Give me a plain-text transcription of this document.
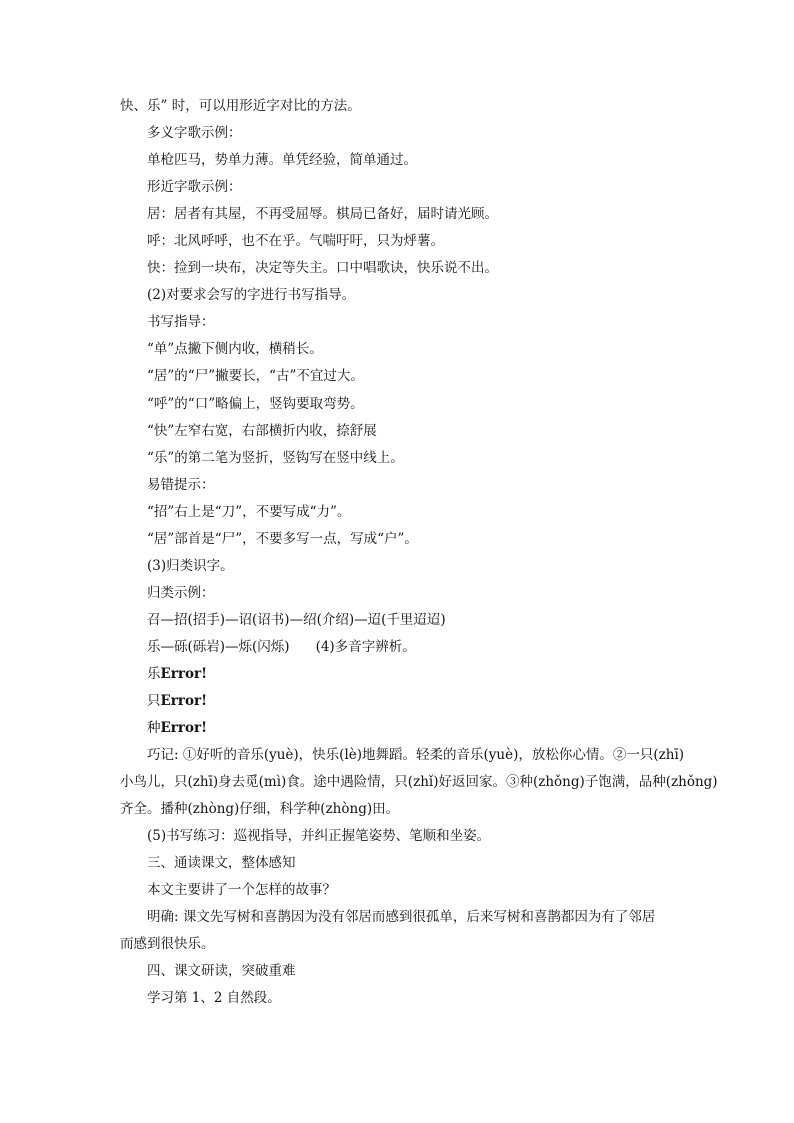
快、乐” 时，可以用形近字对比的方法。
多义字歌示例：
单枪匹马，势单力薄。单凭经验，简单通过。
形近字歌示例：
居：居者有其屋，不再受屈辱。棋局已备好，届时请光顾。
呼：北风呼呼，也不在乎。气喘吁吁，只为烀薯。
快：捡到一块布，决定等失主。口中唱歌诀，快乐说不出。
(2)对要求会写的字进行书写指导。
书写指导：
“单”点撇下侧内收，横稍长。
“居”的“尸”撇要长，“古”不宜过大。
“呼”的“口”略偏上，竖钩要取弯势。
“快”左窄右宽，右部横折内收，捺舒展
“乐”的第二笔为竖折，竖钩写在竖中线上。
易错提示：
“招”右上是“刀”，不要写成“力”。
“居”部首是“尸”，不要多写一点，写成“户”。
(3)归类识字。
归类示例：
召—招(招手)—诏(诏书)—绍(介绍)—迢(千里迢迢)
乐—砾(砾岩)—烁(闪烁) (4)多音字辨析。
乐Error!
只Error!
种Error!
巧记: ①好听的音乐(yuè)，快乐(lè)地舞蹈。轻柔的音乐(yuè)，放松你心情。②一只(zhī)
小鸟儿，只(zhī)身去觅(mì)食。途中遇险情，只(zhǐ)好返回家。③种(zhǒng)子饱满，品种(zhǒng)
齐全。播种(zhòng)仔细，科学种(zhòng)田。
(5)书写练习：巡视指导，并纠正握笔姿势、笔顺和坐姿。
三、通读课文，整体感知
本文主要讲了一个怎样的故事？
明确: 课文先写树和喜鹊因为没有邻居而感到很孤单，后来写树和喜鹊都因为有了邻居
而感到很快乐。
四、课文研读，突破重难
学习第 1、2 自然段。
